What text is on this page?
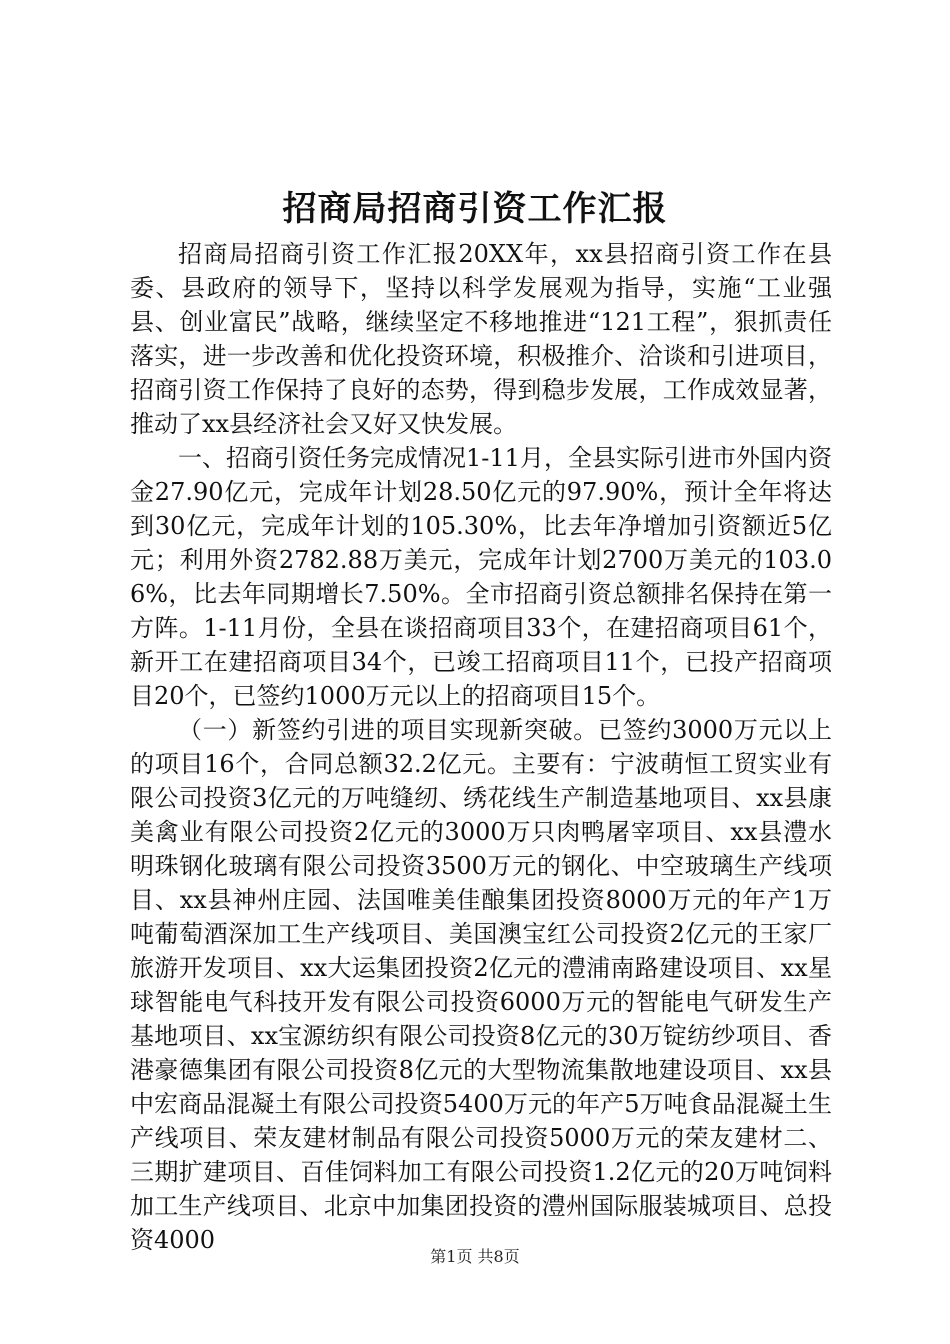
招商局招商引资工作汇报

招商局招商引资工作汇报20XX年，xx县招商引资工作在县委、县政府的领导下，坚持以科学发展观为指导，实施“工业强县、创业富民”战略，继续坚定不移地推进“121工程”，狠抓责任落实，进一步改善和优化投资环境，积极推介、洽谈和引进项目，招商引资工作保持了良好的态势，得到稳步发展，工作成效显著，推动了xx县经济社会又好又快发展。

一、招商引资任务完成情况1-11月，全县实际引进市外国内资金27.90亿元，完成年计划28.50亿元的97.90%，预计全年将达到30亿元，完成年计划的105.30%，比去年净增加引资额近5亿元；利用外资2782.88万美元，完成年计划2700万美元的103.06%，比去年同期增长7.50%。全市招商引资总额排名保持在第一方阵。1-11月份，全县在谈招商项目33个，在建招商项目61个，新开工在建招商项目34个，已竣工招商项目11个，已投产招商项目20个，已签约1000万元以上的招商项目15个。

（一）新签约引进的项目实现新突破。已签约3000万元以上的项目16个，合同总额32.2亿元。主要有：宁波萌恒工贸实业有限公司投资3亿元的万吨缝纫、绣花线生产制造基地项目、xx县康美禽业有限公司投资2亿元的3000万只肉鸭屠宰项目、xx县澧水明珠钢化玻璃有限公司投资3500万元的钢化、中空玻璃生产线项目、xx县神州庄园、法国唯美佳酿集团投资8000万元的年产1万吨葡萄酒深加工生产线项目、美国澳宝红公司投资2亿元的王家厂旅游开发项目、xx大运集团投资2亿元的澧浦南路建设项目、xx星球智能电气科技开发有限公司投资6000万元的智能电气研发生产基地项目、xx宝源纺织有限公司投资8亿元的30万锭纺纱项目、香港豪德集团有限公司投资8亿元的大型物流集散地建设项目、xx县中宏商品混凝土有限公司投资5400万元的年产5万吨食品混凝土生产线项目、荣友建材制品有限公司投资5000万元的荣友建材二、三期扩建项目、百佳饲料加工有限公司投资1.2亿元的20万吨饲料加工生产线项目、北京中加集团投资的澧州国际服装城项目、总投资4000

第1页 共8页
